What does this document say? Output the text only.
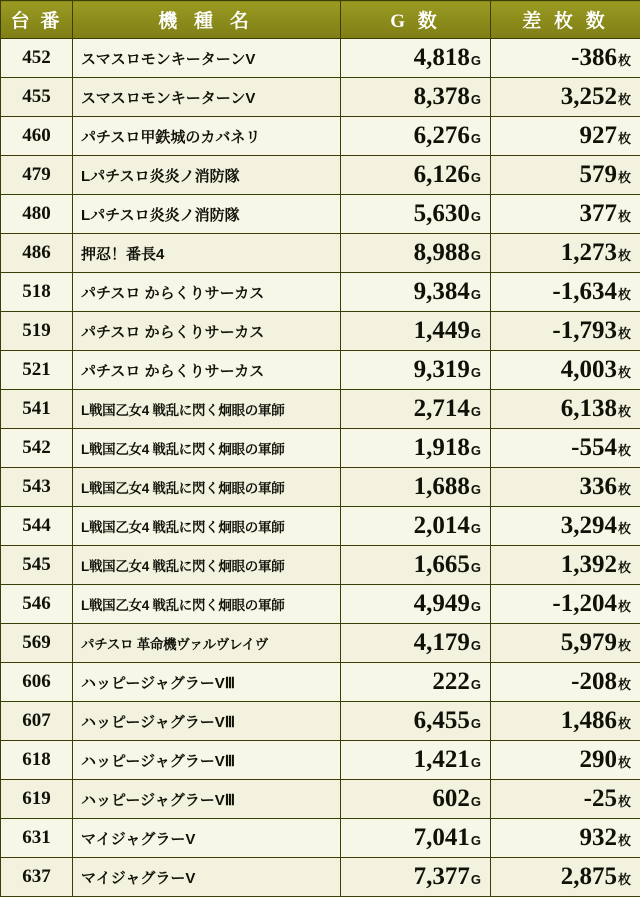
台 番	機 種 名	G 数	差 枚 数
452	スマスロモンキーターンV	4,818G	-386枚
455	スマスロモンキーターンV	8,378G	3,252枚
460	パチスロ甲鉄城のカバネリ	6,276G	927枚
479	Lパチスロ炎炎ノ消防隊	6,126G	579枚
480	Lパチスロ炎炎ノ消防隊	5,630G	377枚
486	押忍！番長4	8,988G	1,273枚
518	パチスロ からくりサーカス	9,384G	-1,634枚
519	パチスロ からくりサーカス	1,449G	-1,793枚
521	パチスロ からくりサーカス	9,319G	4,003枚
541	L戦国乙女4 戦乱に閃く炯眼の軍師	2,714G	6,138枚
542	L戦国乙女4 戦乱に閃く炯眼の軍師	1,918G	-554枚
543	L戦国乙女4 戦乱に閃く炯眼の軍師	1,688G	336枚
544	L戦国乙女4 戦乱に閃く炯眼の軍師	2,014G	3,294枚
545	L戦国乙女4 戦乱に閃く炯眼の軍師	1,665G	1,392枚
546	L戦国乙女4 戦乱に閃く炯眼の軍師	4,949G	-1,204枚
569	パチスロ 革命機ヴァルヴレイヴ	4,179G	5,979枚
606	ハッピージャグラーVⅢ	222G	-208枚
607	ハッピージャグラーVⅢ	6,455G	1,486枚
618	ハッピージャグラーVⅢ	1,421G	290枚
619	ハッピージャグラーVⅢ	602G	-25枚
631	マイジャグラーV	7,041G	932枚
637	マイジャグラーV	7,377G	2,875枚
